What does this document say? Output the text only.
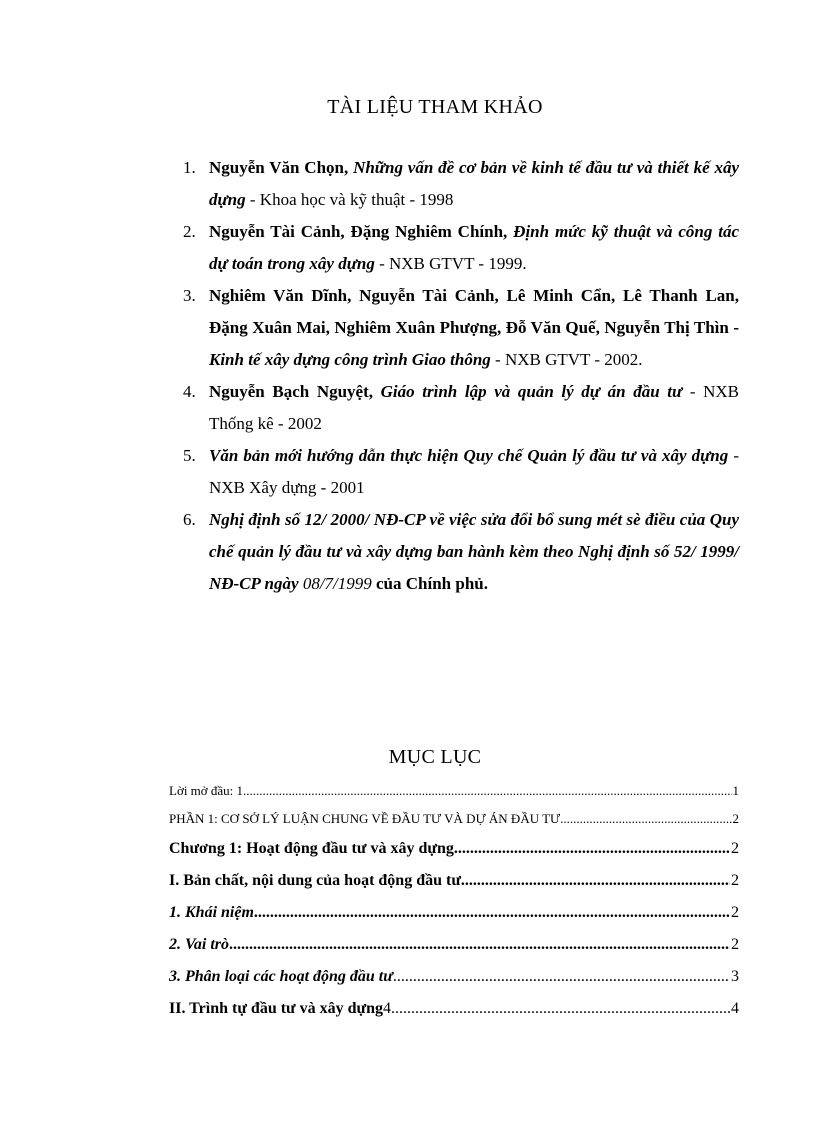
TÀI LIỆU THAM KHẢO
1. Nguyễn Văn Chọn, Những vấn đề cơ bản về kinh tế đầu tư và thiết kế xây dựng - Khoa học và kỹ thuật - 1998
2. Nguyễn Tài Cảnh, Đặng Nghiêm Chính, Định mức kỹ thuật và công tác dự toán trong xây dựng - NXB GTVT - 1999.
3. Nghiêm Văn Dĩnh, Nguyễn Tài Cảnh, Lê Minh Cẩn, Lê Thanh Lan, Đặng Xuân Mai, Nghiêm Xuân Phượng, Đỗ Văn Quế, Nguyễn Thị Thìn - Kinh tế xây dựng công trình Giao thông - NXB GTVT - 2002.
4. Nguyễn Bạch Nguyệt, Giáo trình lập và quản lý dự án đầu tư - NXB Thống kê - 2002
5. Văn bản mới hướng dẫn thực hiện Quy chế Quản lý đầu tư và xây dựng - NXB Xây dựng - 2001
6. Nghị định số 12/ 2000/ NĐ-CP về việc sửa đổi bổ sung mét sè điều của Quy chế quản lý đầu tư và xây dựng ban hành kèm theo Nghị định số 52/ 1999/ NĐ-CP ngày 08/7/1999 của Chính phủ.
MỤC LỤC
Lời mở đầu: 1 .....	1
PHẦN 1: CƠ SỞ LÝ LUẬN CHUNG VỀ ĐẦU TƯ VÀ DỰ ÁN ĐẦU TƯ .....	2
Chương 1: Hoạt động đầu tư và xây dựng .....	2
I. Bản chất, nội dung của hoạt động đầu tư .....	2
1. Khái niệm .....	2
2. Vai trò .....	2
3. Phân loại các hoạt động đầu tư .....	3
II. Trình tự đầu tư và xây dựng 4 .....	4
